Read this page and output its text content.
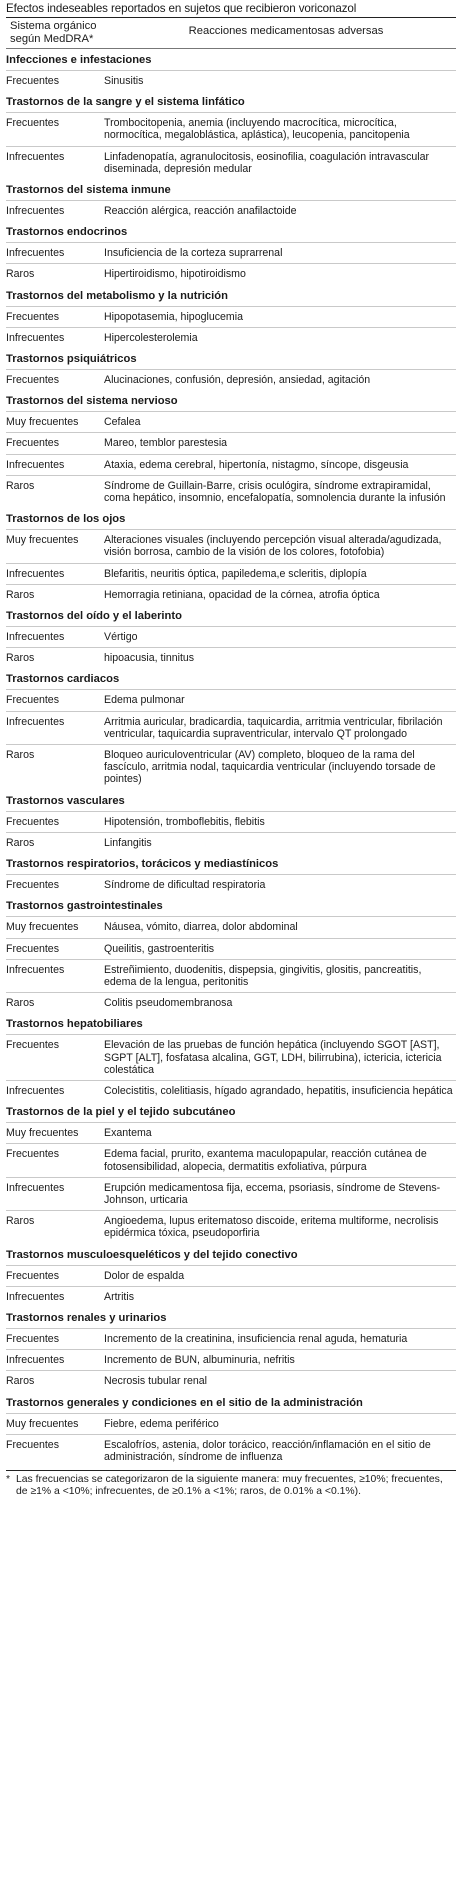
Efectos indeseables reportados en sujetos que recibieron voriconazol
Sistema orgánico según MedDRA*
Reacciones medicamentosas adversas
Infecciones e infestaciones
Frecuentes	Sinusitis
Trastornos de la sangre y el sistema linfático
Frecuentes	Trombocitopenia, anemia (incluyendo macrocítica, microcítica, normocítica, megaloblástica, aplástica), leucopenia, pancitopenia
Infrecuentes	Linfadenopatía, agranulocitosis, eosinofilia, coagulación intravascular diseminada, depresión medular
Trastornos del sistema inmune
Infrecuentes	Reacción alérgica, reacción anafilactoide
Trastornos endocrinos
Infrecuentes	Insuficiencia de la corteza suprarrenal
Raros	Hipertiroidismo, hipotiroidismo
Trastornos del metabolismo y la nutrición
Frecuentes	Hipopotasemia, hipoglucemia
Infrecuentes	Hipercolesterolemia
Trastornos psiquiátricos
Frecuentes	Alucinaciones, confusión, depresión, ansiedad, agitación
Trastornos del sistema nervioso
Muy frecuentes	Cefalea
Frecuentes	Mareo, temblor parestesia
Infrecuentes	Ataxia, edema cerebral, hipertonía, nistagmo, síncope, disgeusia
Raros	Síndrome de Guillain-Barre, crisis oculógira, síndrome extrapiramidal, coma hepático, insomnio, encefalopatía, somnolencia durante la infusión
Trastornos de los ojos
Muy frecuentes	Alteraciones visuales (incluyendo percepción visual alterada/agudizada, visión borrosa, cambio de la visión de los colores, fotofobia)
Infrecuentes	Blefaritis, neuritis óptica, papiledema,e scleritis, diplopía
Raros	Hemorragia retiniana, opacidad de la córnea, atrofia óptica
Trastornos del oído y el laberinto
Infrecuentes	Vértigo
Raros	hipoacusia, tinnitus
Trastornos cardiacos
Frecuentes	Edema pulmonar
Infrecuentes	Arritmia auricular, bradicardia, taquicardia, arritmia ventricular, fibrilación ventricular, taquicardia supraventricular, intervalo QT prolongado
Raros	Bloqueo auriculoventricular (AV) completo, bloqueo de la rama del fascículo, arritmia nodal, taquicardia ventricular (incluyendo torsade de pointes)
Trastornos vasculares
Frecuentes	Hipotensión, tromboflebitis, flebitis
Raros	Linfangitis
Trastornos respiratorios, torácicos y mediastínicos
Frecuentes	Síndrome de dificultad respiratoria
Trastornos gastrointestinales
Muy frecuentes	Náusea, vómito, diarrea, dolor abdominal
Frecuentes	Queilitis, gastroenteritis
Infrecuentes	Estreñimiento, duodenitis, dispepsia, gingivitis, glositis, pancreatitis, edema de la lengua, peritonitis
Raros	Colitis pseudomembranosa
Trastornos hepatobiliares
Frecuentes	Elevación de las pruebas de función hepática (incluyendo SGOT [AST], SGPT [ALT], fosfatasa alcalina, GGT, LDH, bilirrubina), ictericia, ictericia colestática
Infrecuentes	Colecistitis, colelitiasis, hígado agrandado, hepatitis, insuficiencia hepática
Trastornos de la piel y el tejido subcutáneo
Muy frecuentes	Exantema
Frecuentes	Edema facial, prurito, exantema maculopapular, reacción cutánea de fotosensibilidad, alopecia, dermatitis exfoliativa, púrpura
Infrecuentes	Erupción medicamentosa fija, eccema, psoriasis, síndrome de Stevens-Johnson, urticaria
Raros	Angioedema, lupus eritematoso discoide, eritema multiforme, necrolisis epidérmica tóxica, pseudoporfiria
Trastornos musculoesqueléticos y del tejido conectivo
Frecuentes	Dolor de espalda
Infrecuentes	Artritis
Trastornos renales y urinarios
Frecuentes	Incremento de la creatinina, insuficiencia renal aguda, hematuria
Infrecuentes	Incremento de BUN, albuminuria, nefritis
Raros	Necrosis tubular renal
Trastornos generales y condiciones en el sitio de la administración
Muy frecuentes	Fiebre, edema periférico
Frecuentes	Escalofríos, astenia, dolor torácico, reacción/inflamación en el sitio de administración, síndrome de influenza
* Las frecuencias se categorizaron de la siguiente manera: muy frecuentes, ≥10%; frecuentes, de ≥1% a <10%; infrecuentes, de ≥0.1% a <1%; raros, de 0.01% a <0.1%).
